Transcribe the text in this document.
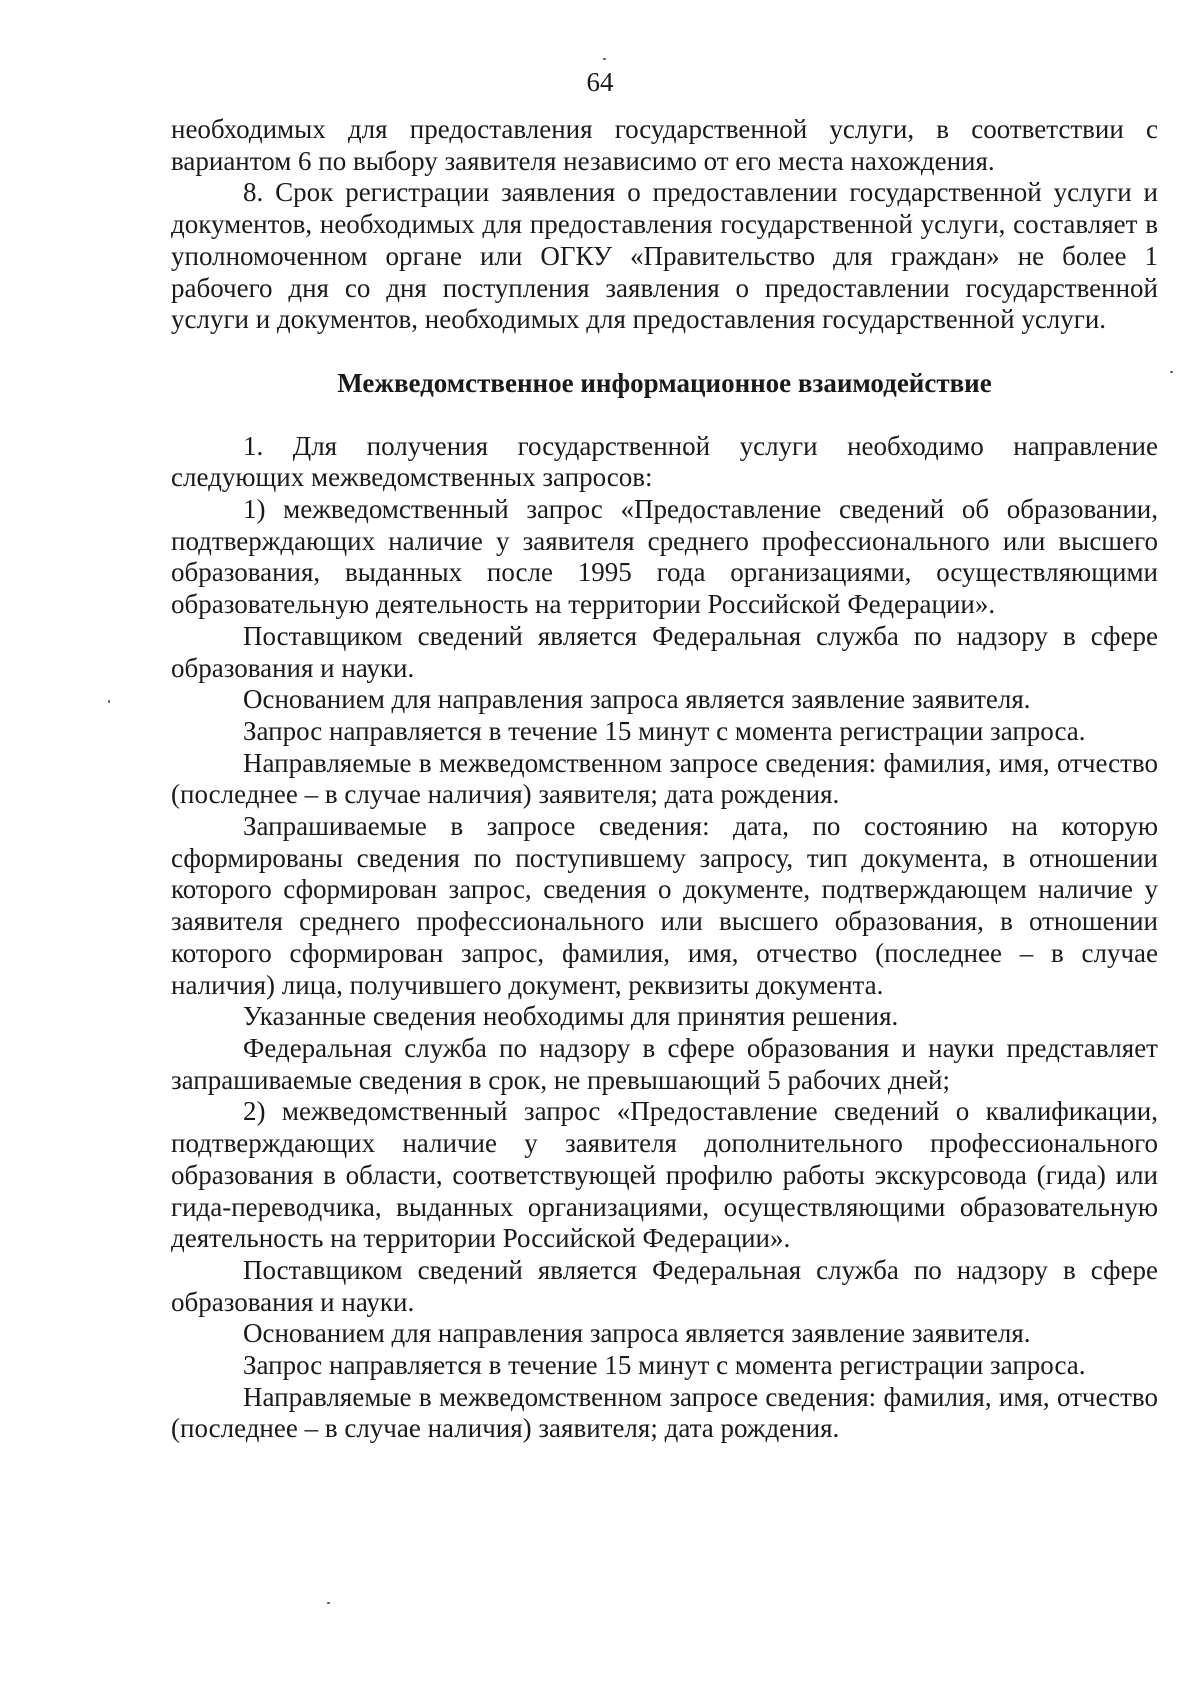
64

необходимых для предоставления государственной услуги, в соответствии с вариантом 6 по выбору заявителя независимо от его места нахождения.

8. Срок регистрации заявления о предоставлении государственной услуги и документов, необходимых для предоставления государственной услуги, составляет в уполномоченном органе или ОГКУ «Правительство для граждан» не более 1 рабочего дня со дня поступления заявления о предоставлении государственной услуги и документов, необходимых для предоставления государственной услуги.

Межведомственное информационное взаимодействие

1. Для получения государственной услуги необходимо направление следующих межведомственных запросов:

1) межведомственный запрос «Предоставление сведений об образовании, подтверждающих наличие у заявителя среднего профессионального или высшего образования, выданных после 1995 года организациями, осуществляющими образовательную деятельность на территории Российской Федерации».

Поставщиком сведений является Федеральная служба по надзору в сфере образования и науки.

Основанием для направления запроса является заявление заявителя.

Запрос направляется в течение 15 минут с момента регистрации запроса.

Направляемые в межведомственном запросе сведения: фамилия, имя, отчество (последнее – в случае наличия) заявителя; дата рождения.

Запрашиваемые в запросе сведения: дата, по состоянию на которую сформированы сведения по поступившему запросу, тип документа, в отношении которого сформирован запрос, сведения о документе, подтверждающем наличие у заявителя среднего профессионального или высшего образования, в отношении которого сформирован запрос, фамилия, имя, отчество (последнее – в случае наличия) лица, получившего документ, реквизиты документа.

Указанные сведения необходимы для принятия решения.

Федеральная служба по надзору в сфере образования и науки представляет запрашиваемые сведения в срок, не превышающий 5 рабочих дней;

2) межведомственный запрос «Предоставление сведений о квалификации, подтверждающих наличие у заявителя дополнительного профессионального образования в области, соответствующей профилю работы экскурсовода (гида) или гида-переводчика, выданных организациями, осуществляющими образовательную деятельность на территории Российской Федерации».

Поставщиком сведений является Федеральная служба по надзору в сфере образования и науки.

Основанием для направления запроса является заявление заявителя.

Запрос направляется в течение 15 минут с момента регистрации запроса.

Направляемые в межведомственном запросе сведения: фамилия, имя, отчество (последнее – в случае наличия) заявителя; дата рождения.
